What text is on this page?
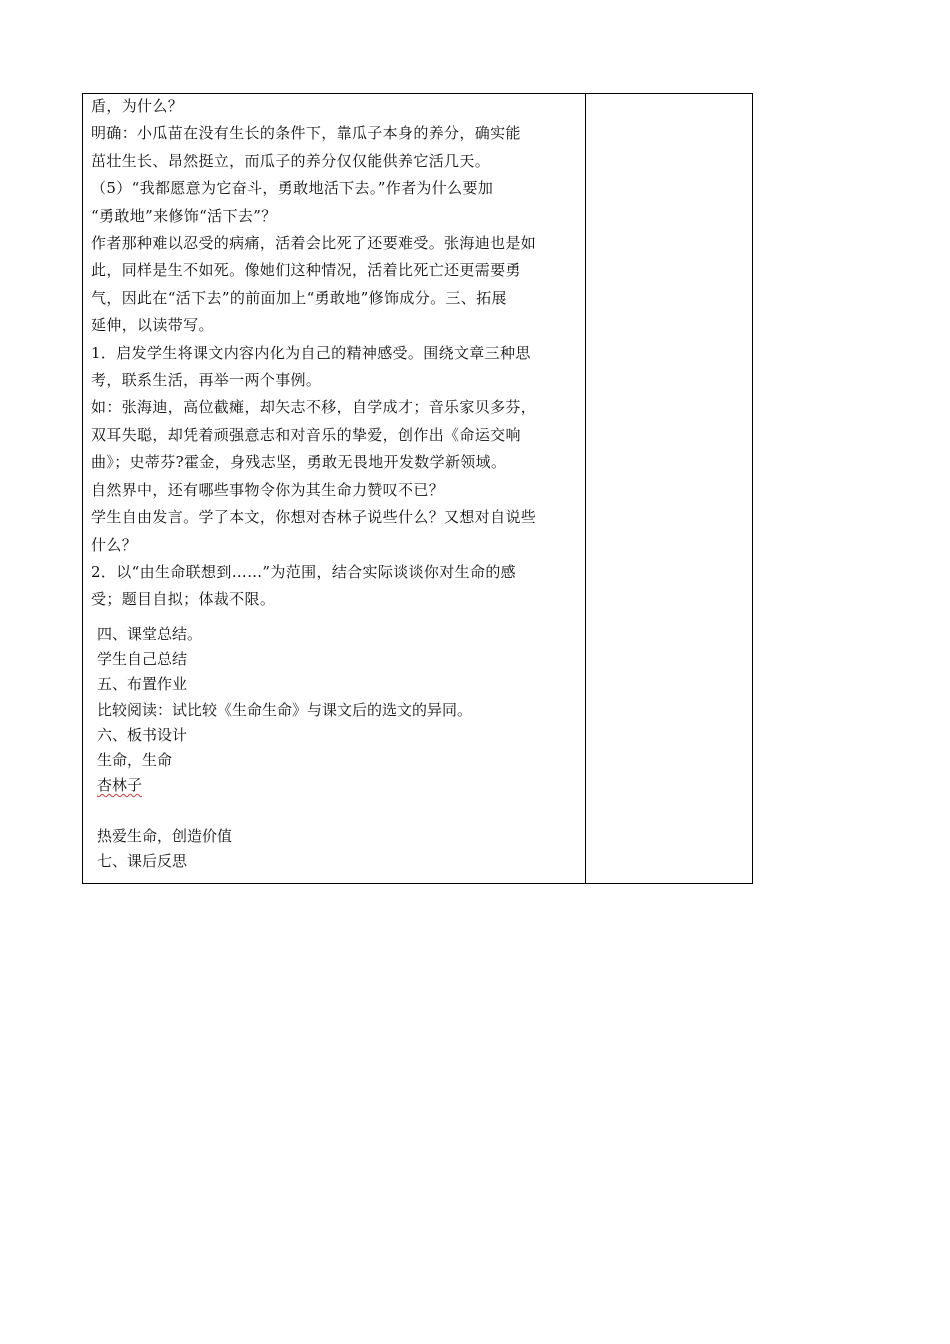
盾，为什么？
明确：小瓜苗在没有生长的条件下，靠瓜子本身的养分，确实能
茁壮生长、昂然挺立，而瓜子的养分仅仅能供养它活几天。
（5）“我都愿意为它奋斗，勇敢地活下去。”作者为什么要加
“勇敢地”来修饰“活下去”？
作者那种难以忍受的病痛，活着会比死了还要难受。张海迪也是如
此，同样是生不如死。像她们这种情况，活着比死亡还更需要勇
气，因此在“活下去”的前面加上“勇敢地”修饰成分。三、拓展
延伸，以读带写。
1．启发学生将课文内容内化为自己的精神感受。围绕文章三种思
考，联系生活，再举一两个事例。
如：张海迪，高位截瘫，却矢志不移，自学成才；音乐家贝多芬，
双耳失聪，却凭着顽强意志和对音乐的挚爱，创作出《命运交响
曲》；史蒂芬?霍金，身残志坚，勇敢无畏地开发数学新领域。
自然界中，还有哪些事物令你为其生命力赞叹不已？
学生自由发言。学了本文，你想对杏林子说些什么？又想对自说些
什么？
2．以“由生命联想到……”为范围，结合实际谈谈你对生命的感
受；题目自拟；体裁不限。
四、课堂总结。
学生自己总结
五、布置作业
比较阅读：试比较《生命生命》与课文后的选文的异同。
六、板书设计
生命，生命
杏林子
热爱生命，创造价值
七、课后反思
